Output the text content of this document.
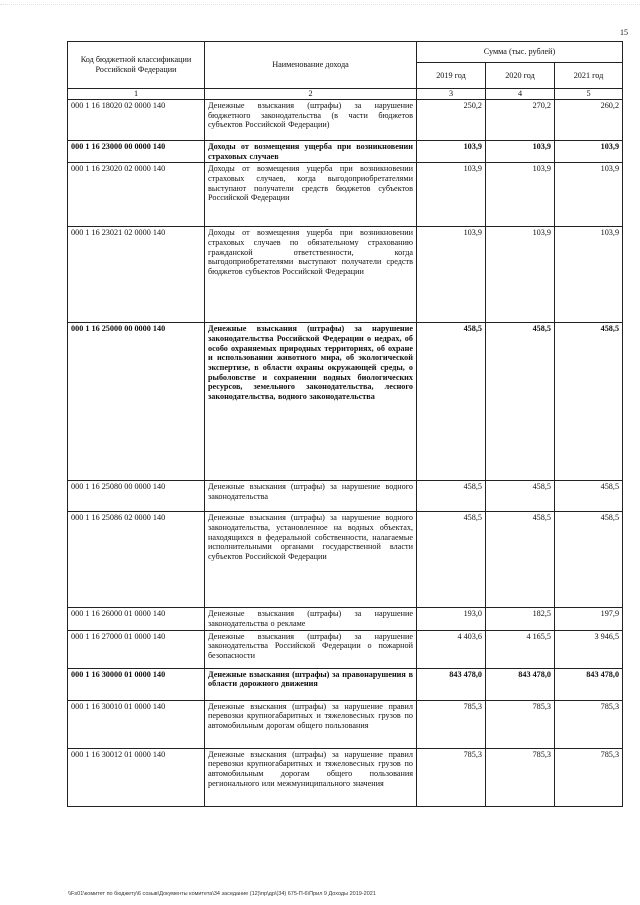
15
Код бюджетной классификации Российской Федерации	Наименование дохода	Сумма (тыс. рублей)		
		2019 год	2020 год	2021 год
1	2	3	4	5
000 1 16 18020 02 0000 140	Денежные взыскания (штрафы) за нарушение бюджетного законодательства (в части бюджетов субъектов Российской Федерации)	250,2	270,2	260,2
000 1 16 23000 00 0000 140	Доходы от возмещения ущерба при возникновении страховых случаев	103,9	103,9	103,9
000 1 16 23020 02 0000 140	Доходы от возмещения ущерба при возникновении страховых случаев, когда выгодоприобретателями выступают получатели средств бюджетов субъектов Российской Федерации	103,9	103,9	103,9
000 1 16 23021 02 0000 140	Доходы от возмещения ущерба при возникновении страховых случаев по обязательному страхованию гражданской ответственности, когда выгодоприобретателями выступают получатели средств бюджетов субъектов Российской Федерации	103,9	103,9	103,9
000 1 16 25000 00 0000 140	Денежные взыскания (штрафы) за нарушение законодательства Российской Федерации о недрах, об особо охраняемых природных территориях, об охране и использовании животного мира, об экологической экспертизе, в области охраны окружающей среды, о рыболовстве и сохранении водных биологических ресурсов, земельного законодательства, лесного законодательства, водного законодательства	458,5	458,5	458,5
000 1 16 25080 00 0000 140	Денежные взыскания (штрафы) за нарушение водного законодательства	458,5	458,5	458,5
000 1 16 25086 02 0000 140	Денежные взыскания (штрафы) за нарушение водного законодательства, установленное на водных объектах, находящихся в федеральной собственности, налагаемые исполнительными органами государственной власти субъектов Российской Федерации	458,5	458,5	458,5
000 1 16 26000 01 0000 140	Денежные взыскания (штрафы) за нарушение законодательства о рекламе	193,0	182,5	197,9
000 1 16 27000 01 0000 140	Денежные взыскания (штрафы) за нарушение законодательства Российской Федерации о пожарной безопасности	4 403,6	4 165,5	3 946,5
000 1 16 30000 01 0000 140	Денежные взыскания (штрафы) за правонарушения в области дорожного движения	843 478,0	843 478,0	843 478,0
000 1 16 30010 01 0000 140	Денежные взыскания (штрафы) за нарушение правил перевозки крупногабаритных и тяжеловесных грузов по автомобильным дорогам общего пользования	785,3	785,3	785,3
000 1 16 30012 01 0000 140	Денежные взыскания (штрафы) за нарушение правил перевозки крупногабаритных и тяжеловесных грузов по автомобильным дорогам общего пользования регионального или межмуниципального значения	785,3	785,3	785,3
\\Fs01\комитет по бюджету\6 созыв\Документы комитета\34 заседание (12)\пр\др\(34) 675-П-6\Прил 9 Доходы 2019-2021
